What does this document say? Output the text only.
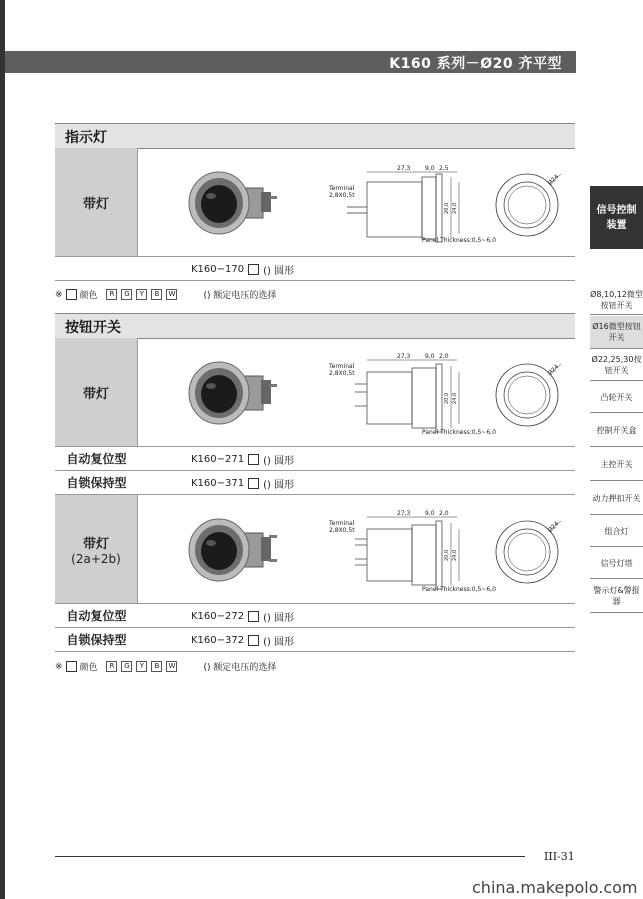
K160 系列－Ø20 齐平型
指示灯
带灯
Terminal
2,8X0,5t
27,3 9,0 2,5
20,0 24,0
Panel Thickness:0,5~6,0
Ø24
K160−170 () 圆形
※ 颜色
	R	G	Y	B	W	() 额定电压的选择
按钮开关
带灯
Terminal
2,8X0,5t
27,3 9,0 2,0
20,0 24,0
Panel Thickness:0,5~6,0
Ø24
自动复位型	K160−271 () 圆形
自锁保持型	K160−371 () 圆形
带灯
(2a+2b)
Terminal
2,8X0,5t
27,3 9,0 2,0
20,0 24,0
Panel Thickness:0,5~6,0
Ø24
自动复位型	K160−272 () 圆形
自锁保持型	K160−372 () 圆形
※ 颜色
	R	G	Y	B	W	() 额定电压的选择
信号控制
装置
Ø8,10,12微型按钮开关
Ø16微型按钮开关
Ø22,25,30按钮开关
凸轮开关
控制开关盒
主控开关
动力押扣开关
组合灯
信号灯塔
警示灯&警报器
III-31
china.makepolo.com
